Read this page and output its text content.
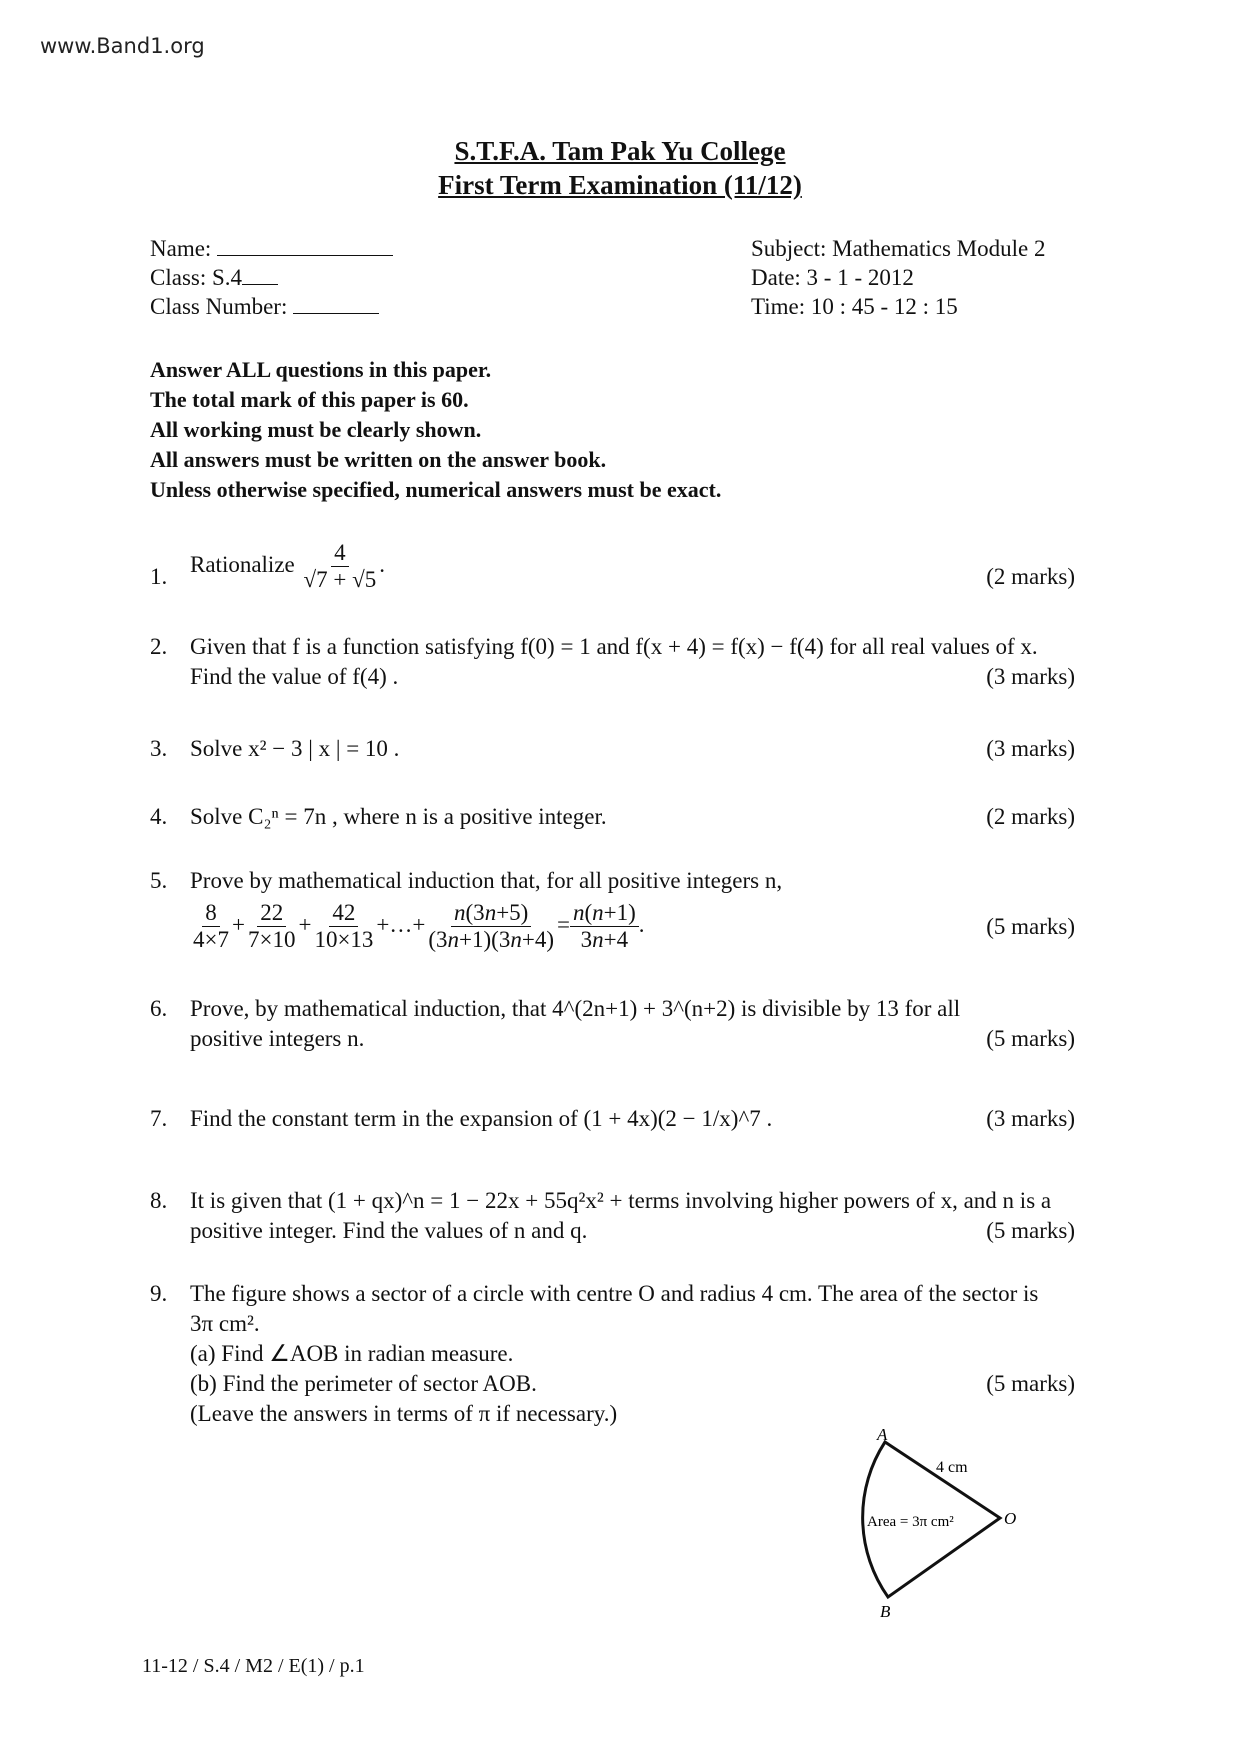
www.Band1.org
S.T.F.A. Tam Pak Yu College
First Term Examination (11/12)
Name:
Class: S.4
Class Number:
Subject: Mathematics Module 2
Date: 3 - 1 - 2012
Time: 10 : 45 - 12 : 15
Answer ALL questions in this paper.
The total mark of this paper is 60.
All working must be clearly shown.
All answers must be written on the answer book.
Unless otherwise specified, numerical answers must be exact.
1. Rationalize $\frac{4}{√7 + √5}$ .	(2 marks)
2. Given that f is a function satisfying f(0) = 1 and f(x + 4) = f(x) − f(4) for all real values of x. Find the value of f(4) .	(3 marks)
3. Solve x² − 3 | x | = 10 .	(3 marks)
4. Solve C₂ⁿ = 7n , where n is a positive integer.	(2 marks)
5. Prove by mathematical induction that, for all positive integers n,
$\frac{8}{4\times 7} + \frac{22}{7\times 10} + \frac{42}{10\times 13}$ +…+ $\frac{n(3n+5)}{(3n+1)(3n+4)} = \frac{n(n+1)}{3n+4}$ .	(5 marks)
6. Prove, by mathematical induction, that 4^(2n+1) + 3^(n+2) is divisible by 13 for all positive integers n.	(5 marks)
7. Find the constant term in the expansion of (1 + 4x)(2 − 1/x)^7 .	(3 marks)
8. It is given that (1 + qx)^n = 1 − 22x + 55q²x² + terms involving higher powers of x, and n is a positive integer. Find the values of n and q.	(5 marks)
9. The figure shows a sector of a circle with centre O and radius 4 cm. The area of the sector is 3π cm².
(a) Find ∠AOB in radian measure.
(b) Find the perimeter of sector AOB.
(Leave the answers in terms of π if necessary.)
(5 marks)
A
B
O
4 cm
Area = 3π cm²
11-12 / S.4 / M2 / E(1) / p.1
